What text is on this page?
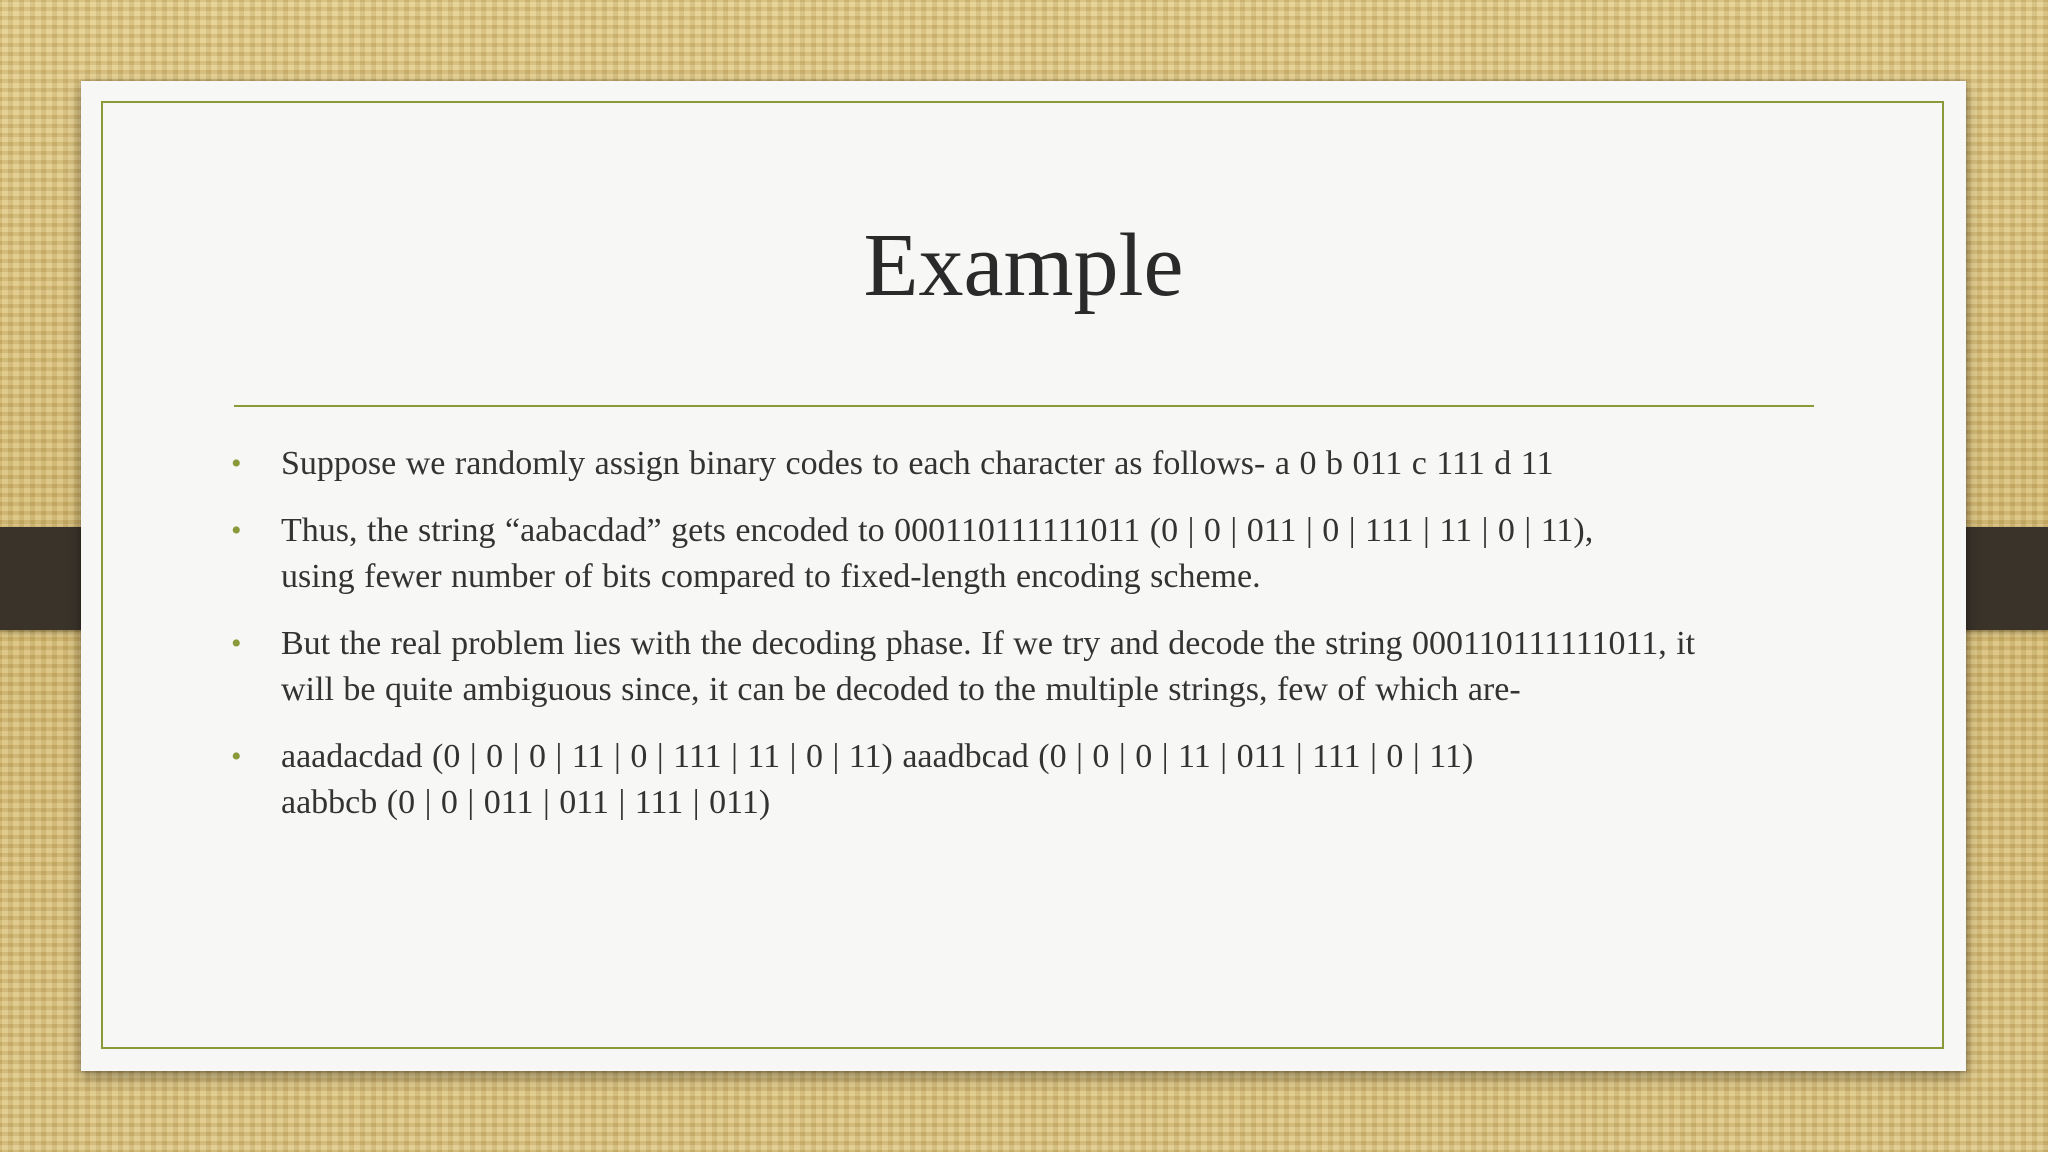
Example
•	Suppose we randomly assign binary codes to each character as follows- a 0 b 011 c 111 d 11
•	Thus, the string “aabacdad” gets encoded to 000110111111011 (0 | 0 | 011 | 0 | 111 | 11 | 0 | 11),
using fewer number of bits compared to fixed-length encoding scheme.
•	But the real problem lies with the decoding phase. If we try and decode the string 000110111111011, it
will be quite ambiguous since, it can be decoded to the multiple strings, few of which are-
•	aaadacdad (0 | 0 | 0 | 11 | 0 | 111 | 11 | 0 | 11) aaadbcad (0 | 0 | 0 | 11 | 011 | 111 | 0 | 11)
aabbcb (0 | 0 | 011 | 011 | 111 | 011)
